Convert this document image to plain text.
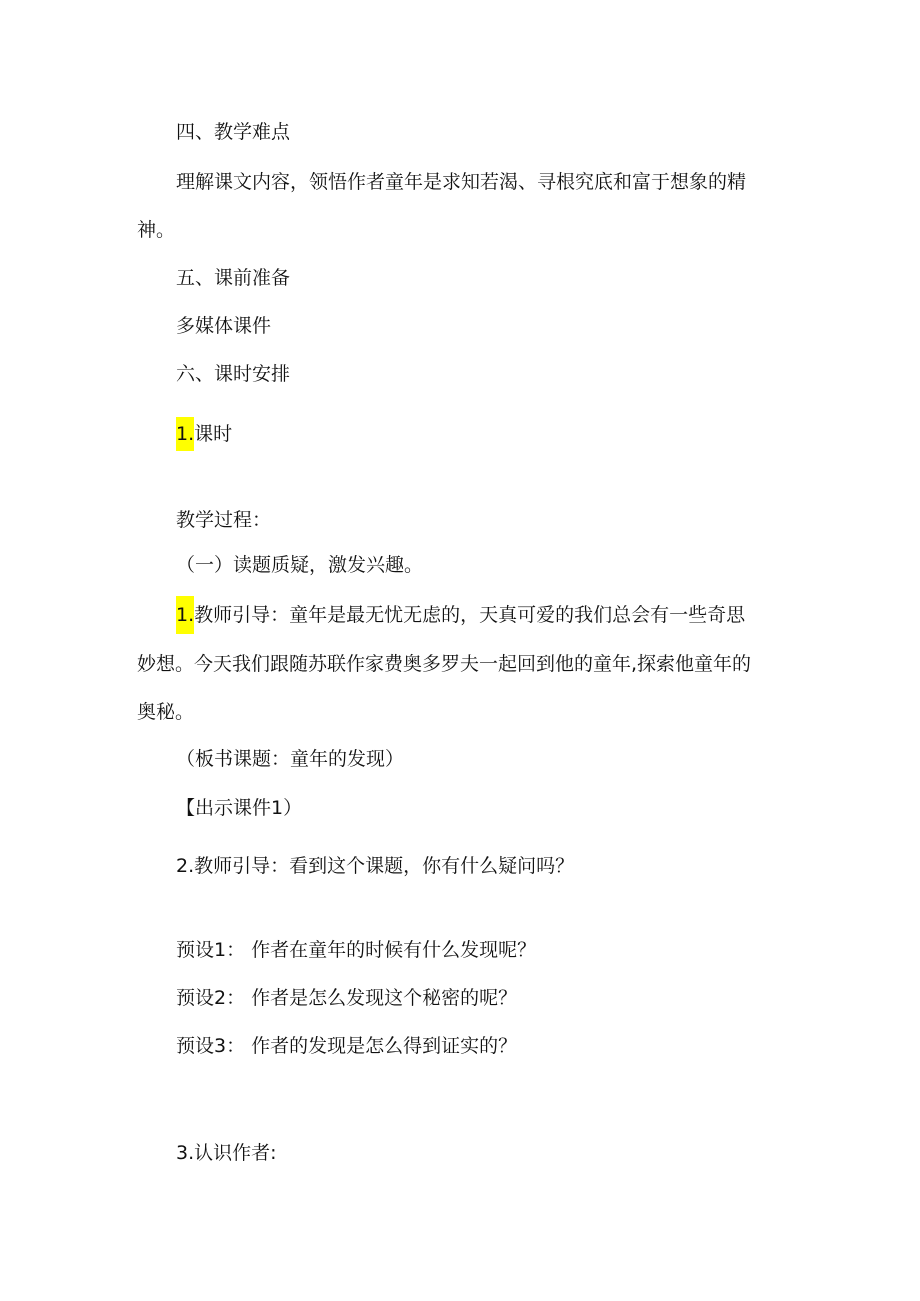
四、教学难点
理解课文内容，领悟作者童年是求知若渴、寻根究底和富于想象的精
神。
五、课前准备
多媒体课件
六、课时安排
1.课时
教学过程：
（一）读题质疑，激发兴趣。
1.教师引导：童年是最无忧无虑的，天真可爱的我们总会有一些奇思
妙想。今天我们跟随苏联作家费奥多罗夫一起回到他的童年,探索他童年的
奥秘。
（板书课题：童年的发现）
【出示课件1）
2.教师引导：看到这个课题，你有什么疑问吗？
预设1： 作者在童年的时候有什么发现呢？
预设2： 作者是怎么发现这个秘密的呢？
预设3： 作者的发现是怎么得到证实的？
3.认识作者:
